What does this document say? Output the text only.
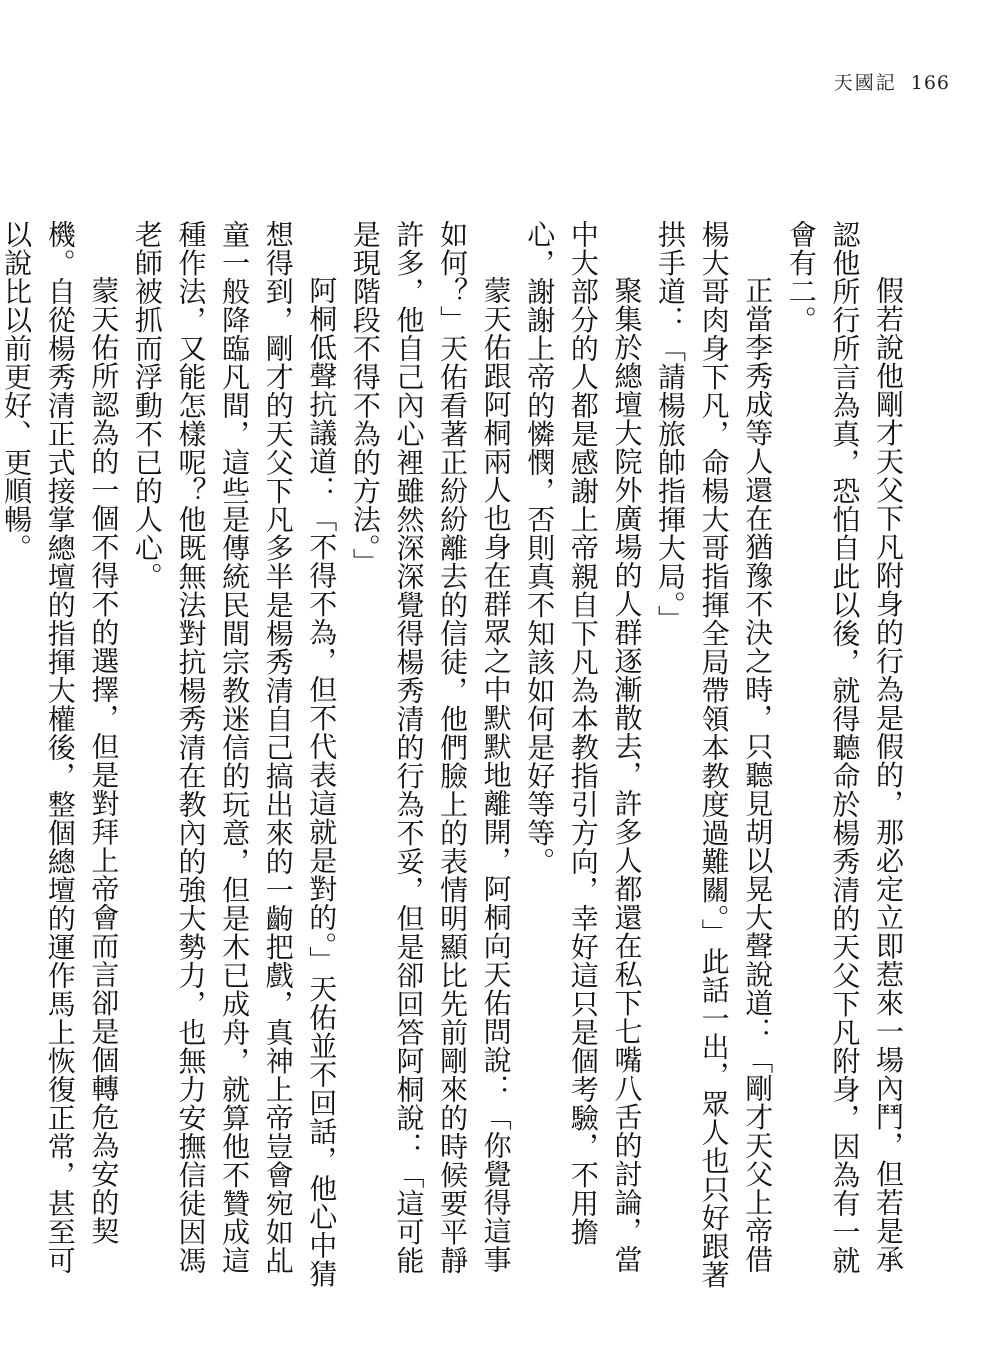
天國記 166

假若說他剛才天父下凡附身的行為是假的，那必定立即惹來一場內鬥，但若是承認他所行所言為真，恐怕自此以後，就得聽命於楊秀清的天父下凡附身，因為有一就會有二。

正當李秀成等人還在猶豫不決之時，只聽見胡以晃大聲說道：「剛才天父上帝借楊大哥肉身下凡，命楊大哥指揮全局帶領本教度過難關。」此話一出，眾人也只好跟著拱手道：「請楊旅帥指揮大局。」

聚集於總壇大院外廣場的人群逐漸散去，許多人都還在私下七嘴八舌的討論，當中大部分的人都是感謝上帝親自下凡為本教指引方向，幸好這只是個考驗，不用擔心，謝謝上帝的憐憫，否則真不知該如何是好等等。

蒙天佑跟阿桐兩人也身在群眾之中默默地離開，阿桐向天佑問說：「你覺得這事如何？」天佑看著正紛紛離去的信徒，他們臉上的表情明顯比先前剛來的時候要平靜許多，他自己內心裡雖然深深覺得楊秀清的行為不妥，但是卻回答阿桐說：「這可能是現階段不得不為的方法。」

阿桐低聲抗議道：「不得不為，但不代表這就是對的。」天佑並不回話，他心中猜想得到，剛才的天父下凡多半是楊秀清自己搞出來的一齣把戲，真神上帝豈會宛如乩童一般降臨凡間，這些是傳統民間宗教迷信的玩意，但是木已成舟，就算他不贊成這種作法，又能怎樣呢？他既無法對抗楊秀清在教內的強大勢力，也無力安撫信徒因馮老師被抓而浮動不已的人心。

蒙天佑所認為的一個不得不的選擇，但是對拜上帝會而言卻是個轉危為安的契機。自從楊秀清正式接掌總壇的指揮大權後，整個總壇的運作馬上恢復正常，甚至可以說比以前更好、更順暢。
